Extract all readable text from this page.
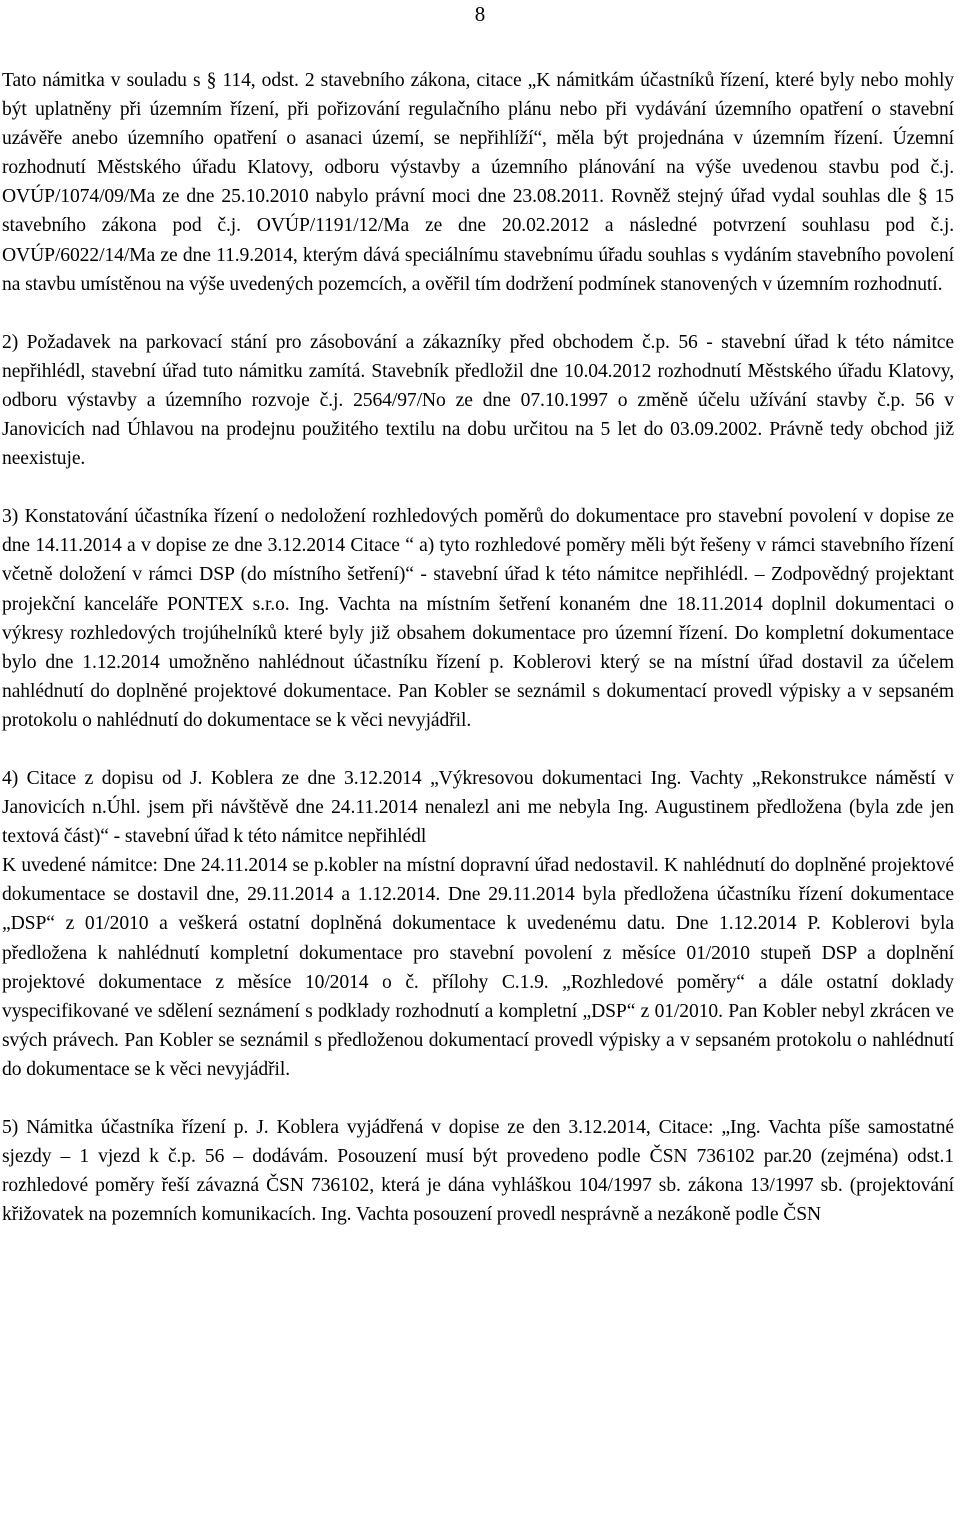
8

Tato námitka v souladu s § 114, odst. 2 stavebního zákona, citace „K námitkám účastníků řízení, které byly nebo mohly být uplatněny při územním řízení, při pořizování regulačního plánu nebo při vydávání územního opatření o stavební uzávěře anebo územního opatření o asanaci území, se nepřihlíží“, měla být projednána v územním řízení. Územní rozhodnutí Městského úřadu Klatovy, odboru výstavby a územního plánování na výše uvedenou stavbu pod č.j. OVÚP/1074/09/Ma ze dne 25.10.2010 nabylo právní moci dne 23.08.2011. Rovněž stejný úřad vydal souhlas dle § 15 stavebního zákona pod č.j. OVÚP/1191/12/Ma ze dne 20.02.2012 a následné potvrzení souhlasu pod č.j. OVÚP/6022/14/Ma ze dne 11.9.2014, kterým dává speciálnímu stavebnímu úřadu souhlas s vydáním stavebního povolení na stavbu umístěnou na výše uvedených pozemcích, a ověřil tím dodržení podmínek stanovených v územním rozhodnutí.

2) Požadavek na parkovací stání pro zásobování a zákazníky před obchodem č.p. 56 - stavební úřad k této námitce nepřihlédl, stavební úřad tuto námitku zamítá. Stavebník předložil dne 10.04.2012 rozhodnutí Městského úřadu Klatovy, odboru výstavby a územního rozvoje č.j. 2564/97/No ze dne 07.10.1997 o změně účelu užívání stavby č.p. 56 v Janovicích nad Úhlavou na prodejnu použitého textilu na dobu určitou na 5 let do 03.09.2002. Právně tedy obchod již neexistuje.

3) Konstatování účastníka řízení o nedoložení rozhledových poměrů do dokumentace pro stavební povolení v dopise ze dne 14.11.2014 a v dopise ze dne 3.12.2014 Citace “ a) tyto rozhledové poměry měli být řešeny v rámci stavebního řízení včetně doložení v rámci DSP (do místního šetření)“ - stavební úřad k této námitce nepřihlédl. – Zodpovědný projektant projekční kanceláře PONTEX s.r.o. Ing. Vachta na místním šetření konaném dne 18.11.2014 doplnil dokumentaci o výkresy rozhledových trojúhelníků které byly již obsahem dokumentace pro územní řízení. Do kompletní dokumentace bylo dne 1.12.2014 umožněno nahlédnout účastníku řízení p. Koblerovi který se na místní úřad dostavil za účelem nahlédnutí do doplněné projektové dokumentace. Pan Kobler se seznámil s dokumentací provedl výpisky a v sepsaném protokolu o nahlédnutí do dokumentace se k věci nevyjádřil.

4) Citace z dopisu od J. Koblera ze dne 3.12.2014 „Výkresovou dokumentaci Ing. Vachty „Rekonstrukce náměstí v Janovicích n.Úhl. jsem při návštěvě dne 24.11.2014 nenalezl ani me nebyla Ing. Augustinem předložena (byla zde jen textová část)“ - stavební úřad k této námitce nepřihlédl
K uvedené námitce: Dne 24.11.2014 se p.kobler na místní dopravní úřad nedostavil. K nahlédnutí do doplněné projektové dokumentace se dostavil dne, 29.11.2014 a 1.12.2014. Dne 29.11.2014 byla předložena účastníku řízení dokumentace „DSP“ z 01/2010 a veškerá ostatní doplněná dokumentace k uvedenému datu. Dne 1.12.2014 P. Koblerovi byla předložena k nahlédnutí kompletní dokumentace pro stavební povolení z měsíce 01/2010 stupeň DSP a doplnění projektové dokumentace z měsíce 10/2014 o č. přílohy C.1.9. „Rozhledové poměry“ a dále ostatní doklady vyspecifikované ve sdělení seznámení s podklady rozhodnutí a kompletní „DSP“ z 01/2010. Pan Kobler nebyl zkrácen ve svých právech. Pan Kobler se seznámil s předloženou dokumentací provedl výpisky a v sepsaném protokolu o nahlédnutí do dokumentace se k věci nevyjádřil.

5) Námitka účastníka řízení p. J. Koblera vyjádřená v dopise ze den 3.12.2014, Citace: „Ing. Vachta píše samostatné sjezdy – 1 vjezd k č.p. 56 – dodávám. Posouzení musí být provedeno podle ČSN 736102 par.20 (zejména) odst.1 rozhledové poměry řeší závazná ČSN 736102, která je dána vyhláškou 104/1997 sb. zákona 13/1997 sb. (projektování křižovatek na pozemních komunikacích. Ing. Vachta posouzení provedl nesprávně a nezákoně podle ČSN
